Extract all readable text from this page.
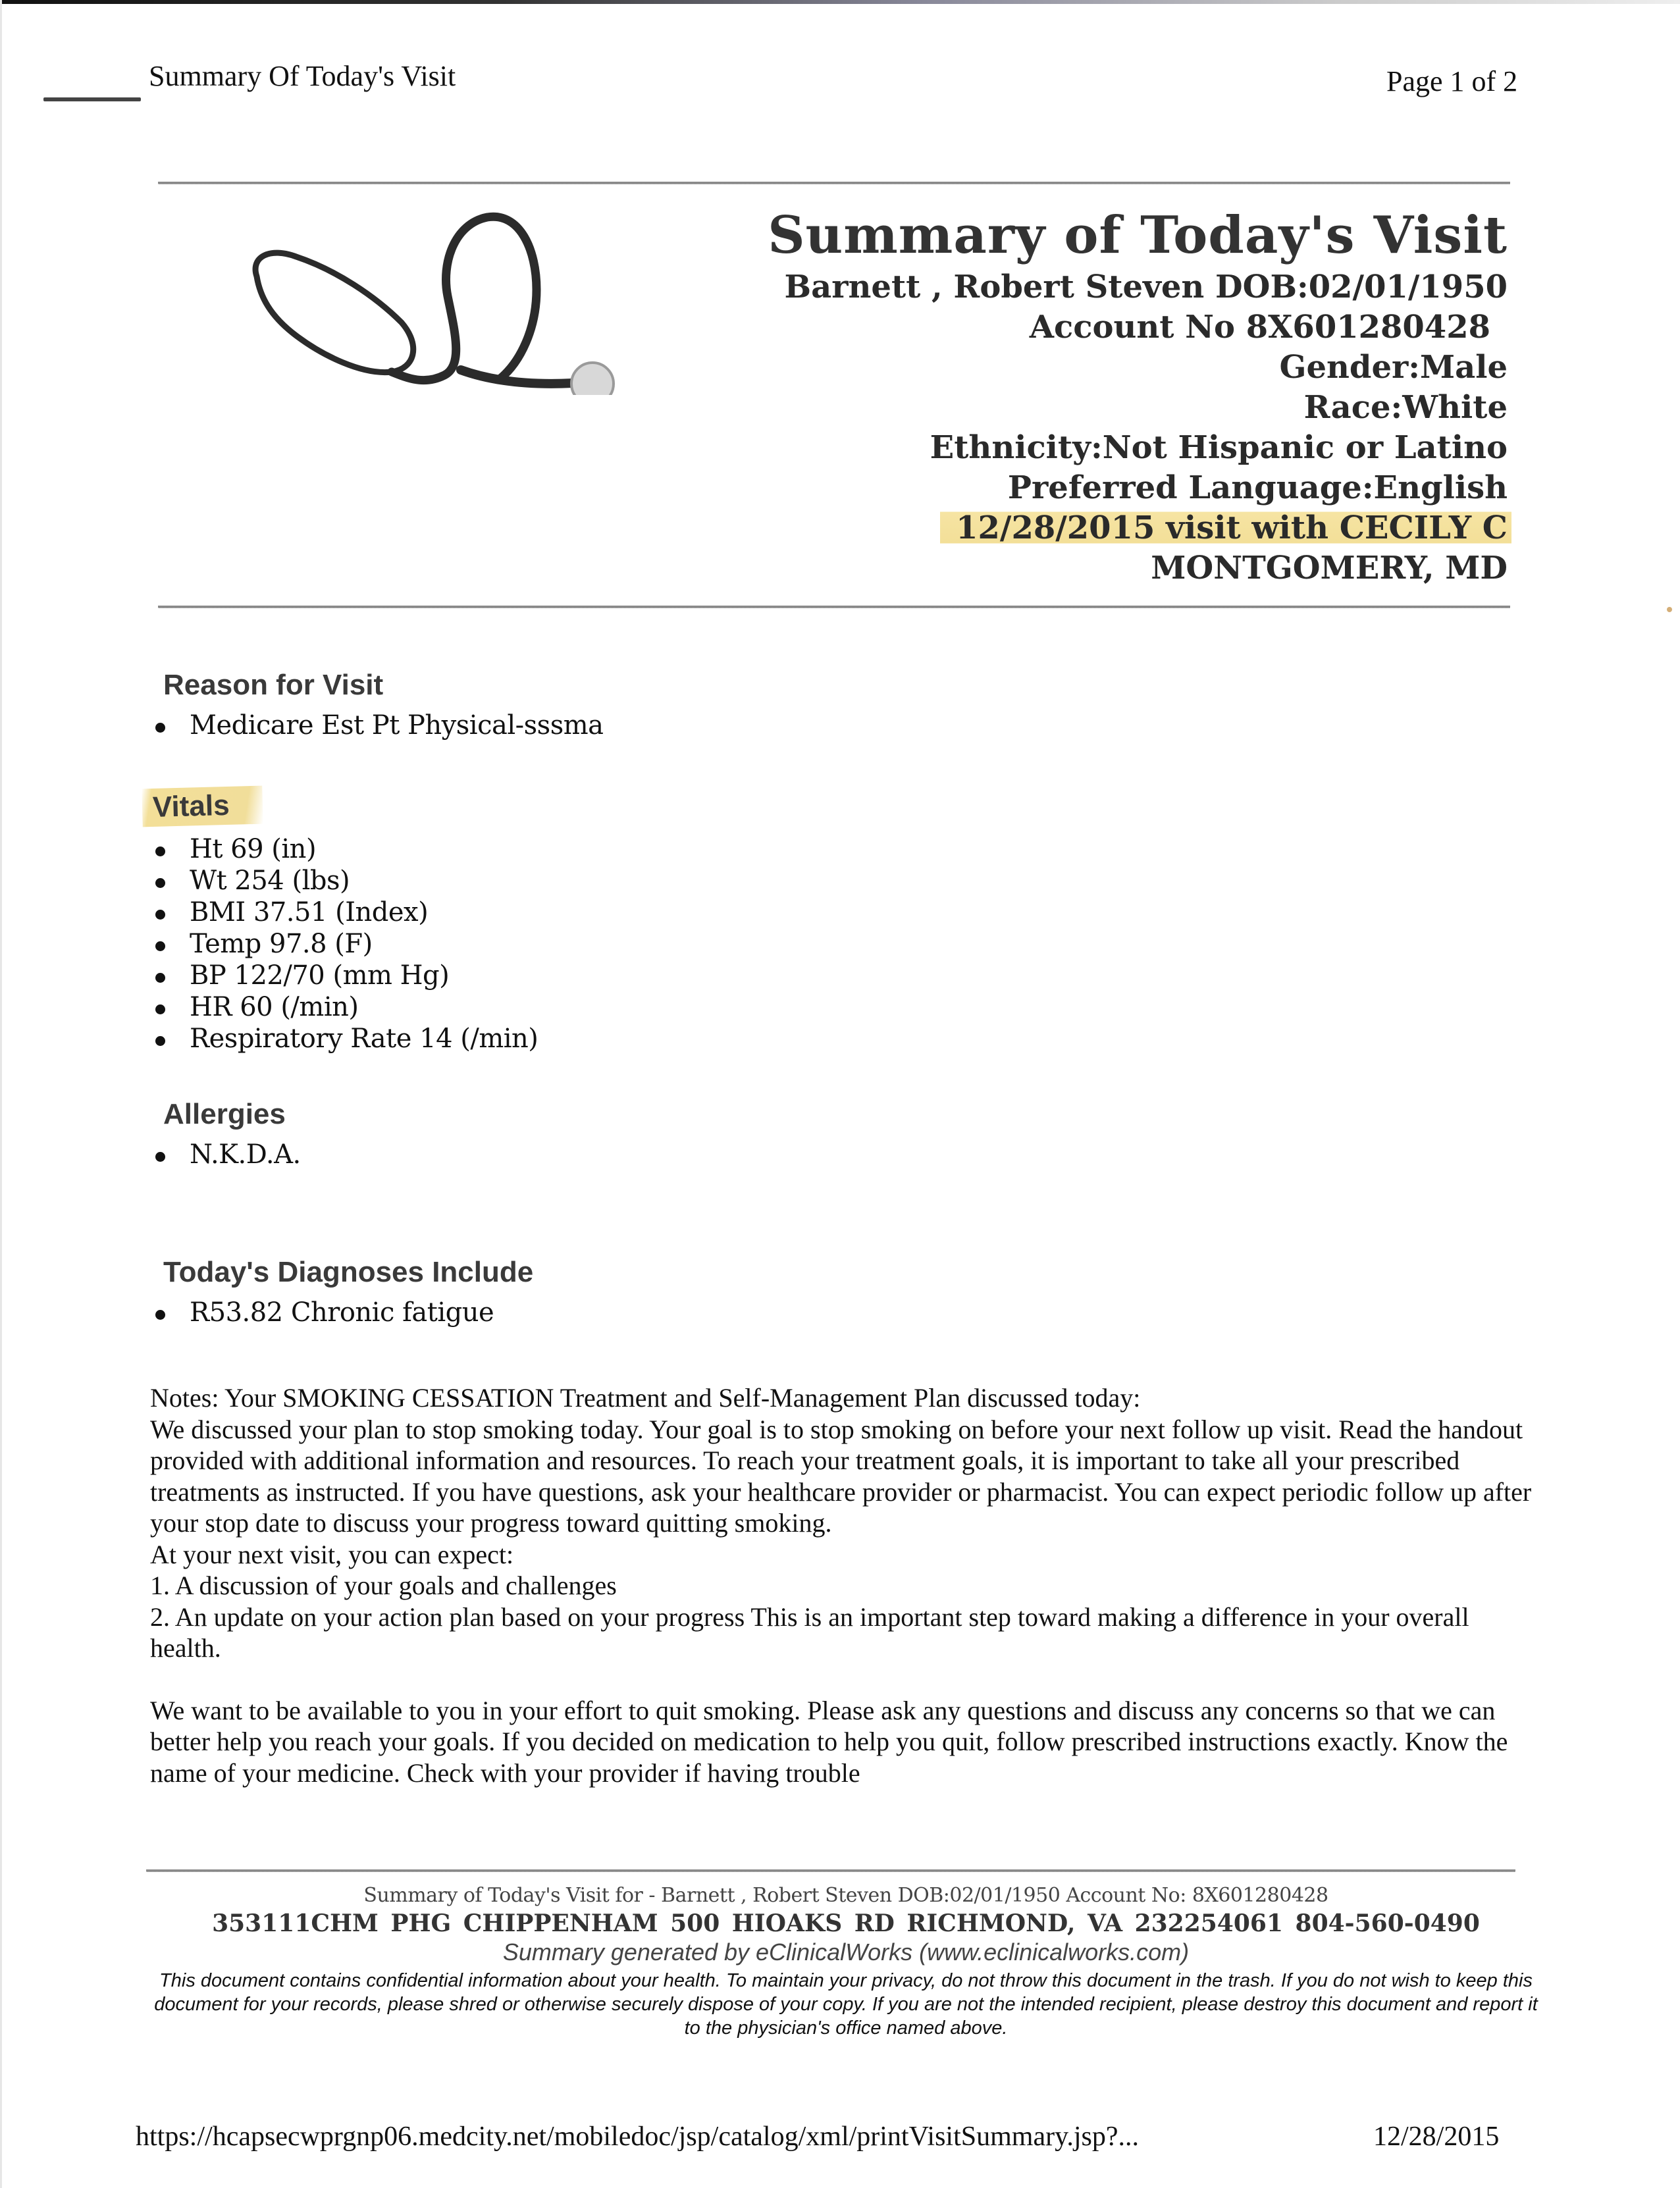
Summary Of Today's Visit	Page 1 of 2
Summary of Today's Visit
Barnett , Robert Steven DOB:02/01/1950
Account No 8X601280428
Gender:Male
Race:White
Ethnicity:Not Hispanic or Latino
Preferred Language:English
12/28/2015 visit with CECILY C
MONTGOMERY, MD
Reason for Visit
Medicare Est Pt Physical-sssma
Vitals
Ht 69 (in)
Wt 254 (lbs)
BMI 37.51 (Index)
Temp 97.8 (F)
BP 122/70 (mm Hg)
HR 60 (/min)
Respiratory Rate 14 (/min)
Allergies
N.K.D.A.
Today's Diagnoses Include
R53.82 Chronic fatigue

Notes: Your SMOKING CESSATION Treatment and Self-Management Plan discussed today:

We discussed your plan to stop smoking today. Your goal is to stop smoking on before your next follow up visit. Read the handout provided with additional information and resources. To reach your treatment goals, it is important to take all your prescribed treatments as instructed. If you have questions, ask your healthcare provider or pharmacist. You can expect periodic follow up after your stop date to discuss your progress toward quitting smoking.

At your next visit, you can expect:

1. A discussion of your goals and challenges

2. An update on your action plan based on your progress This is an important step toward making a difference in your overall health.

We want to be available to you in your effort to quit smoking. Please ask any questions and discuss any concerns so that we can better help you reach your goals. If you decided on medication to help you quit, follow prescribed instructions exactly. Know the name of your medicine. Check with your provider if having trouble

Summary of Today's Visit for - Barnett , Robert Steven DOB:02/01/1950 Account No: 8X601280428
353111CHM PHG CHIPPENHAM 500 HIOAKS RD RICHMOND, VA 232254061 804-560-0490
Summary generated by eClinicalWorks (www.eclinicalworks.com)
This document contains confidential information about your health. To maintain your privacy, do not throw this document in the trash. If you do not wish to keep this document for your records, please shred or otherwise securely dispose of your copy. If you are not the intended recipient, please destroy this document and report it to the physician's office named above.
https://hcapsecwprgnp06.medcity.net/mobiledoc/jsp/catalog/xml/printVisitSummary.jsp?...	12/28/2015
